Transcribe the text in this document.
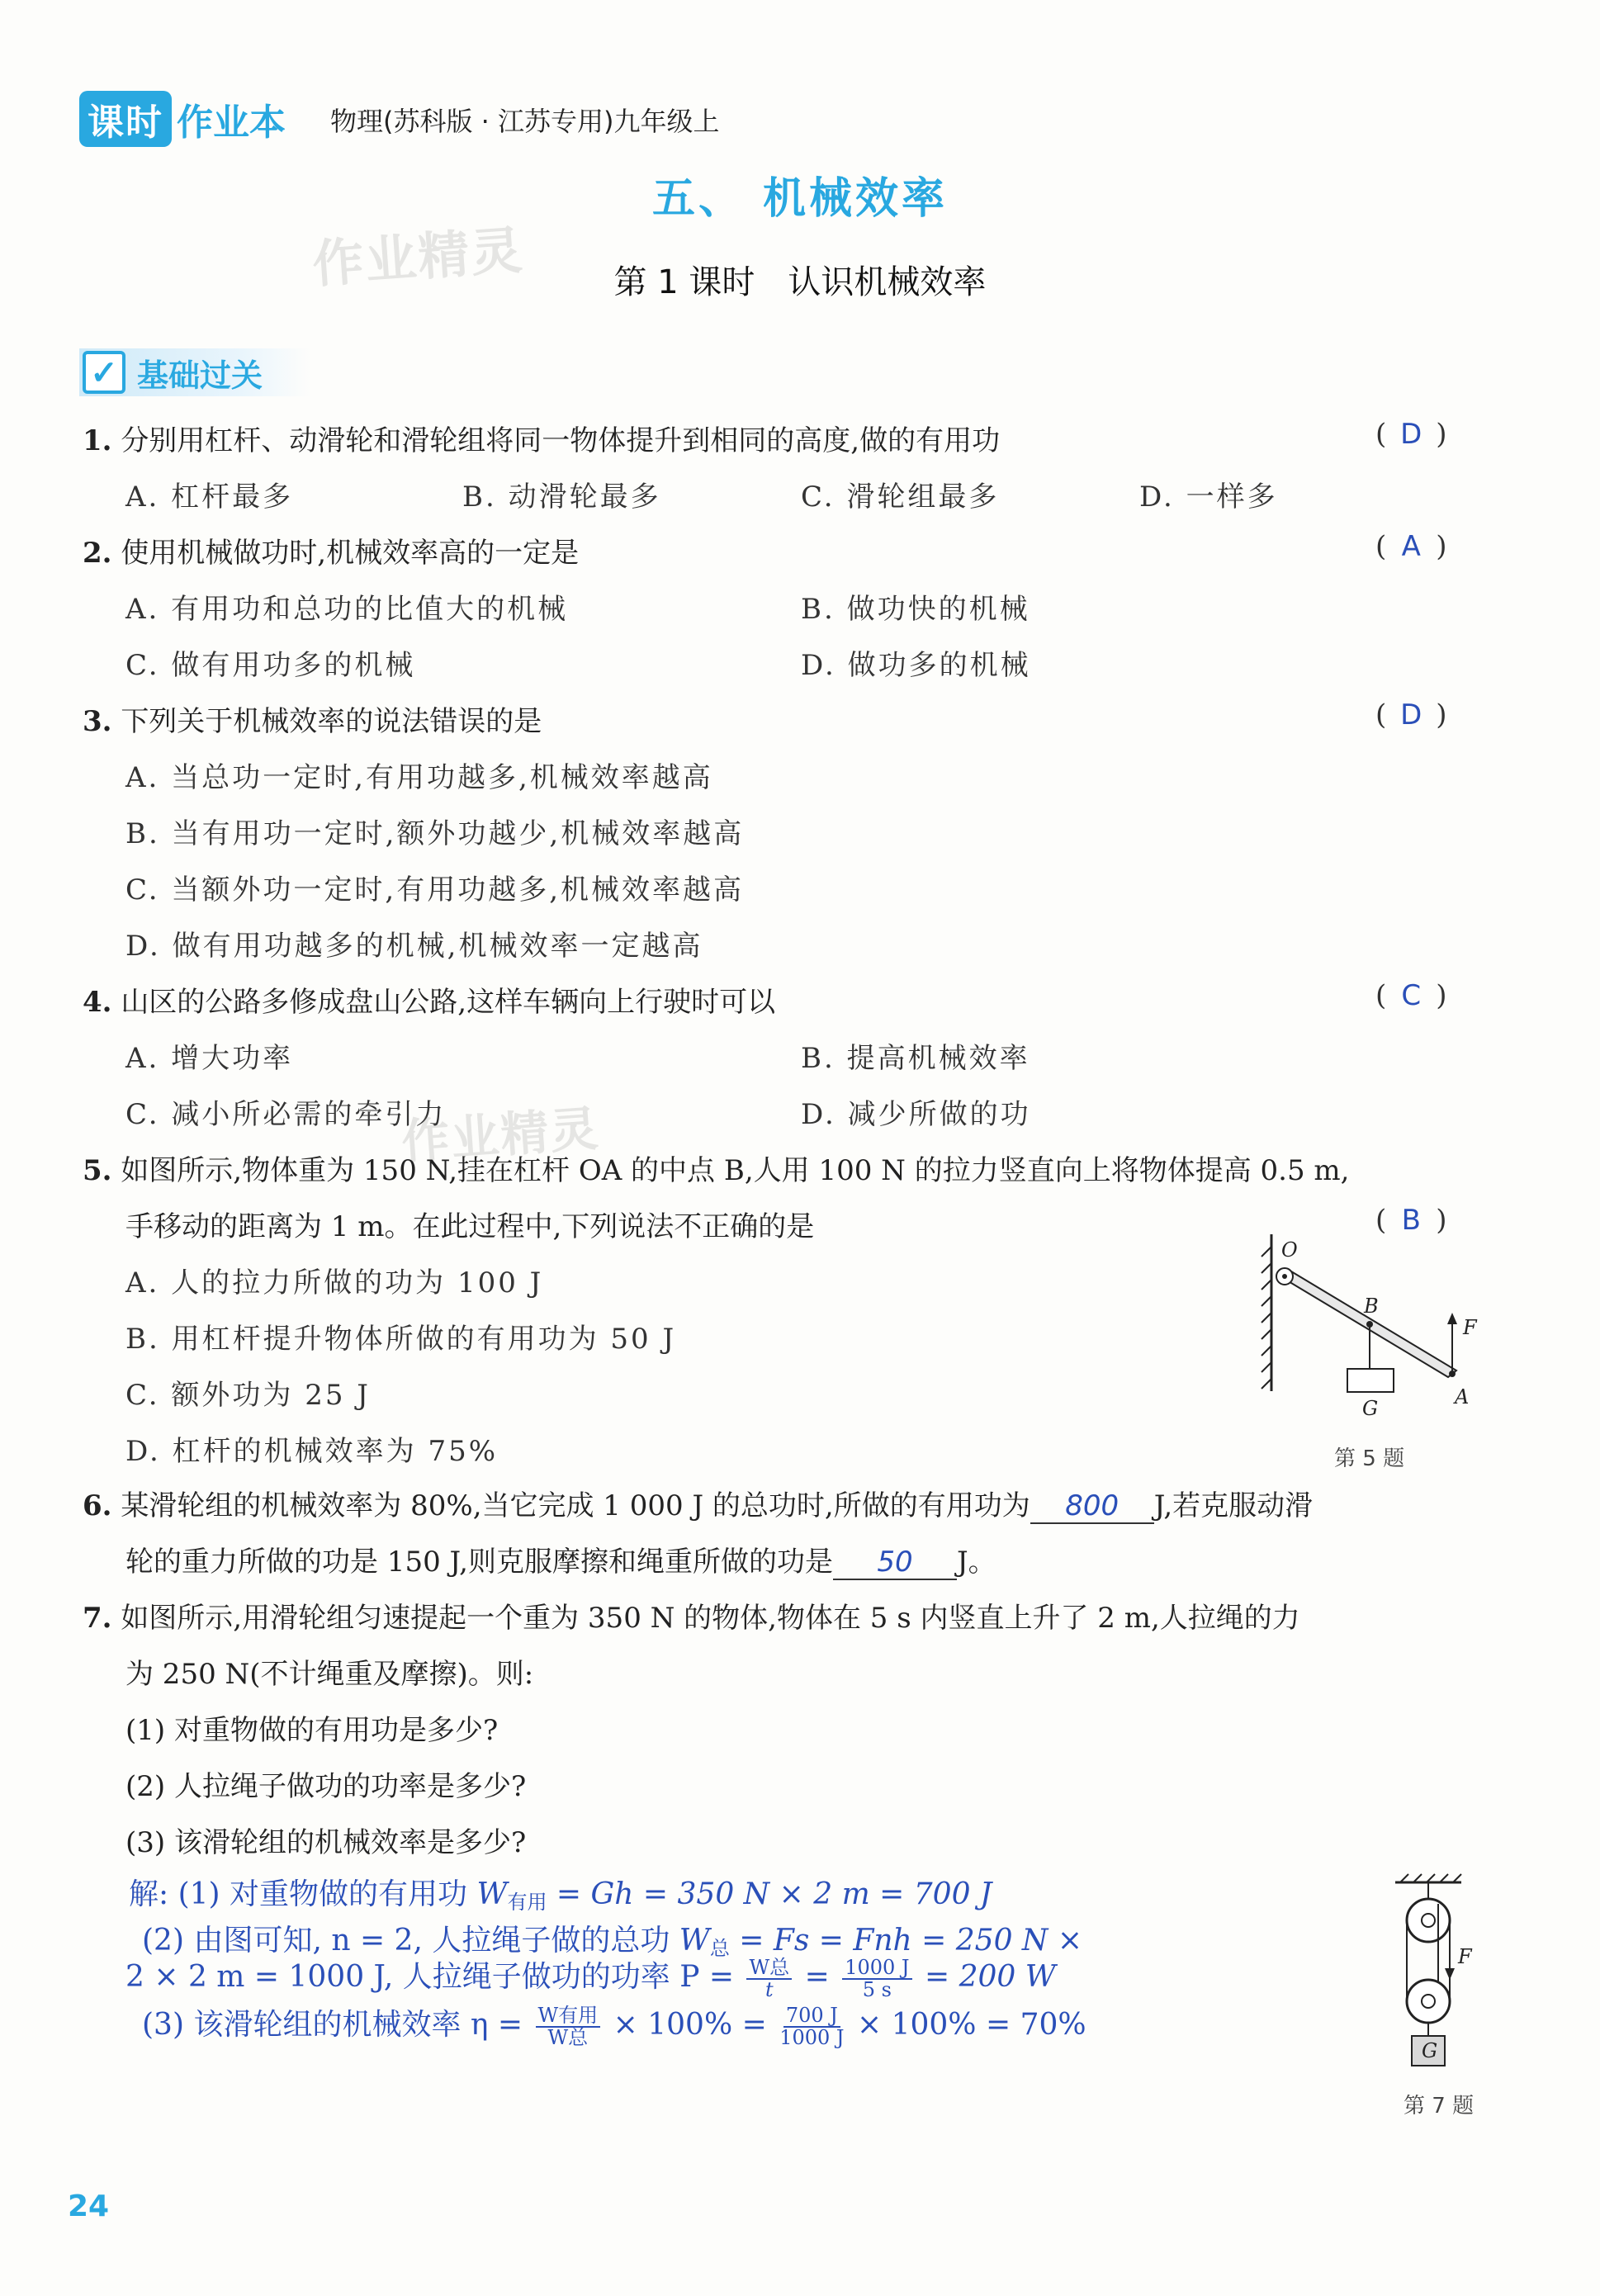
课时 作业本 物理(苏科版 · 江苏专用)九年级上
五、 机械效率
作业精灵	第 1 课时　认识机械效率
✓ 基础过关
1. 分别用杠杆、动滑轮和滑轮组将同一物体提升到相同的高度,做的有用功	( D )
A. 杠杆最多	B. 动滑轮最多	C. 滑轮组最多	D. 一样多
2. 使用机械做功时,机械效率高的一定是	( A )
A. 有用功和总功的比值大的机械	B. 做功快的机械
C. 做有用功多的机械	D. 做功多的机械
3. 下列关于机械效率的说法错误的是	( D )
A. 当总功一定时,有用功越多,机械效率越高
B. 当有用功一定时,额外功越少,机械效率越高
C. 当额外功一定时,有用功越多,机械效率越高
D. 做有用功越多的机械,机械效率一定越高
4. 山区的公路多修成盘山公路,这样车辆向上行驶时可以	( C )
A. 增大功率	B. 提高机械效率
C. 减小所必需的牵引力	D. 减少所做的功
作业精灵
5. 如图所示,物体重为 150 N,挂在杠杆 OA 的中点 B,人用 100 N 的拉力竖直向上将物体提高 0.5 m,
手移动的距离为 1 m。在此过程中,下列说法不正确的是	( B )
A. 人的拉力所做的功为 100 J
B. 用杠杆提升物体所做的有用功为 50 J
C. 额外功为 25 J
D. 杠杆的机械效率为 75%
O
B
F
A
G
第 5 题
6. 某滑轮组的机械效率为 80%,当它完成 1 000 J 的总功时,所做的有用功为 800 J,若克服动滑
轮的重力所做的功是 150 J,则克服摩擦和绳重所做的功是 50 J。
7. 如图所示,用滑轮组匀速提起一个重为 350 N 的物体,物体在 5 s 内竖直上升了 2 m,人拉绳的力
为 250 N(不计绳重及摩擦)。则:
(1) 对重物做的有用功是多少?
(2) 人拉绳子做功的功率是多少?
(3) 该滑轮组的机械效率是多少?
解: (1) 对重物做的有用功 $W_{有用} = Gh = 350$ N × 2 m = 700 J
(2) 由图可知, n = 2, 人拉绳子做的总功 $W_总 = Fs$ = Fnh = 250 N ×
2 × 2 m = 1000 J, 人拉绳子做功的功率 $P = \frac{\text{W总}}{t} = \frac{1000 J}{5 s} = 200$ W
(3) 该滑轮组的机械效率 $\eta = \frac{\text{W有用}}{\text{W总}} \times 100\% = \frac{700 J}{1000 J} \times 100\% = 70\%$
F
G
第 7 题
24
